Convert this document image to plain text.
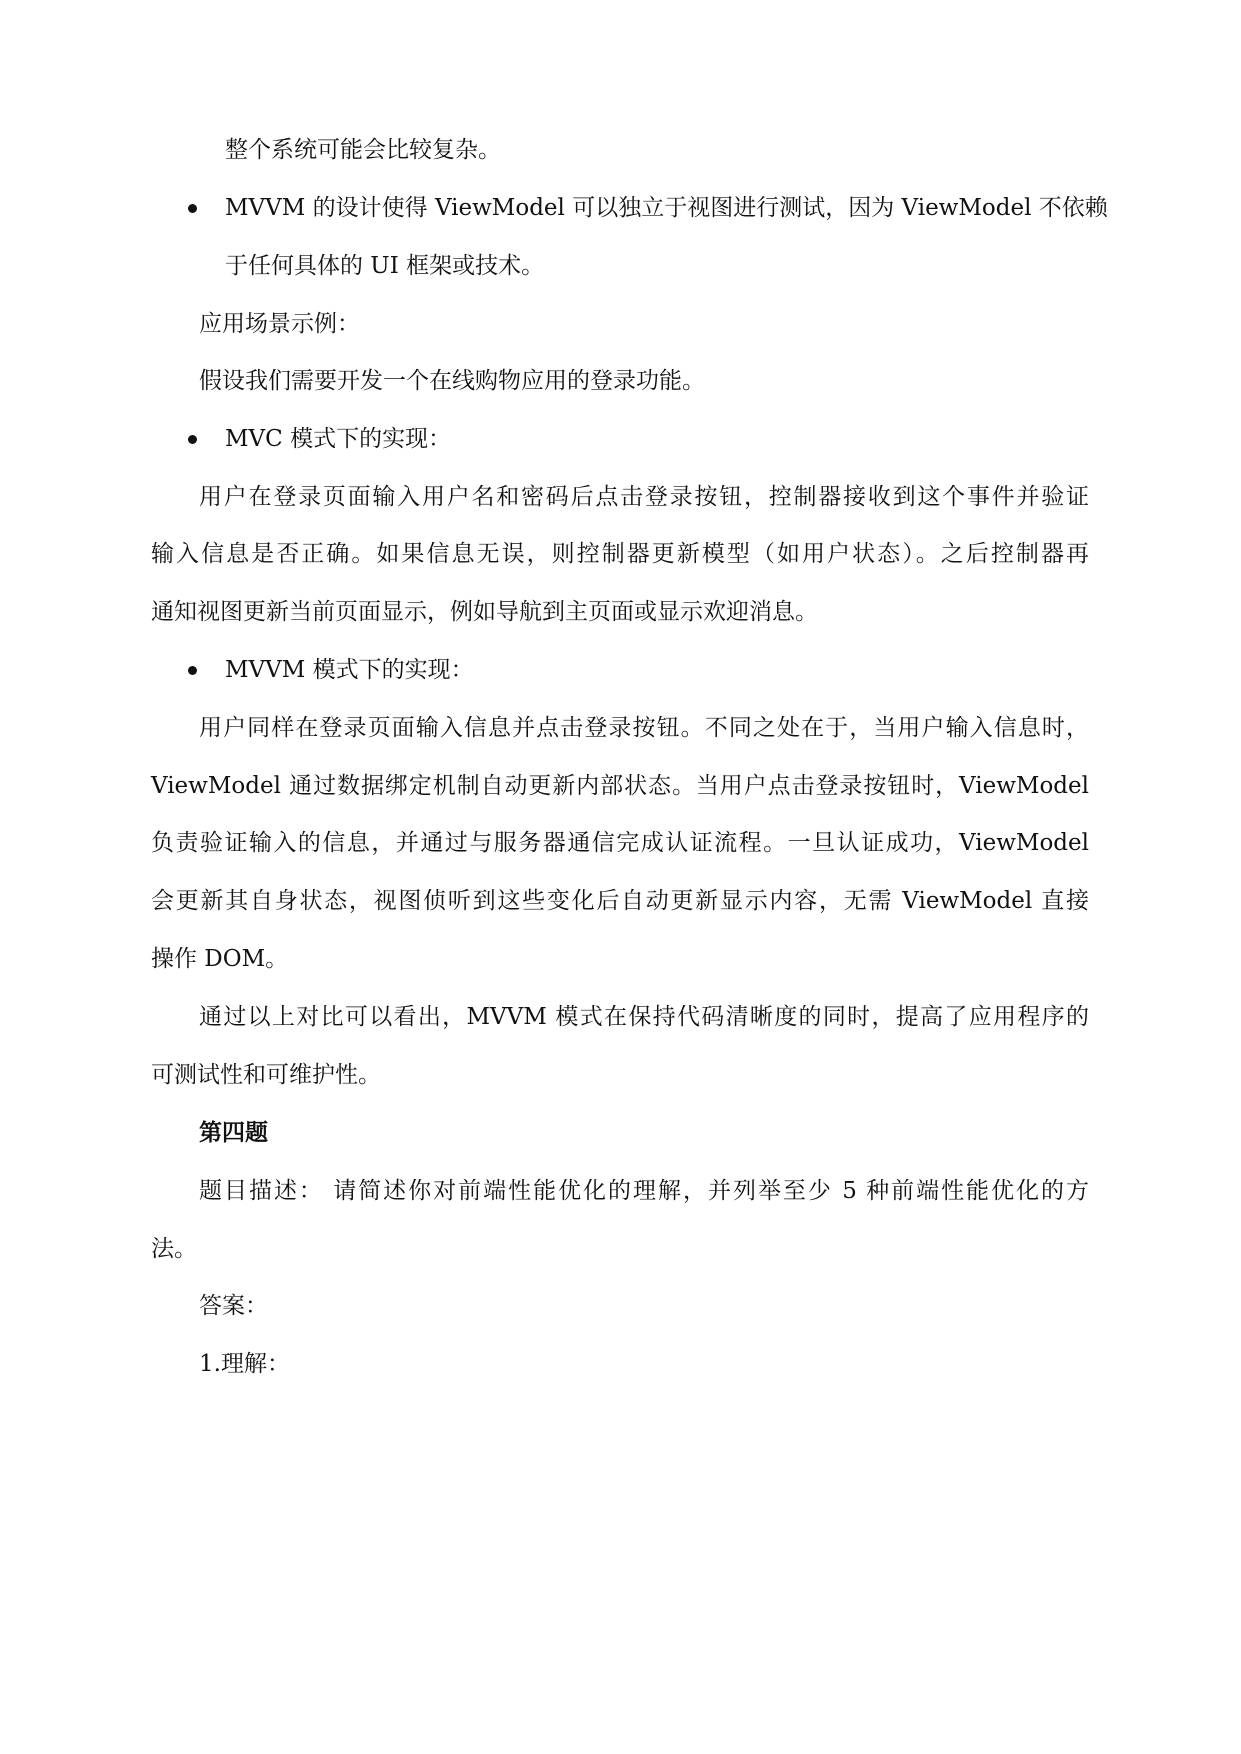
整个系统可能会比较复杂。
MVVM 的设计使得 ViewModel 可以独立于视图进行测试，因为 ViewModel 不依赖
于任何具体的 UI 框架或技术。
应用场景示例：
假设我们需要开发一个在线购物应用的登录功能。
MVC 模式下的实现：
用户在登录页面输入用户名和密码后点击登录按钮，控制器接收到这个事件并验证
输入信息是否正确。如果信息无误，则控制器更新模型（如用户状态）。之后控制器再
通知视图更新当前页面显示，例如导航到主页面或显示欢迎消息。
MVVM 模式下的实现：
用户同样在登录页面输入信息并点击登录按钮。不同之处在于，当用户输入信息时，
ViewModel 通过数据绑定机制自动更新内部状态。当用户点击登录按钮时，ViewModel
负责验证输入的信息，并通过与服务器通信完成认证流程。一旦认证成功，ViewModel
会更新其自身状态，视图侦听到这些变化后自动更新显示内容，无需 ViewModel 直接
操作 DOM。
通过以上对比可以看出，MVVM 模式在保持代码清晰度的同时，提高了应用程序的
可测试性和可维护性。
第四题
题目描述： 请简述你对前端性能优化的理解，并列举至少 5 种前端性能优化的方
法。
答案：
1.理解：
